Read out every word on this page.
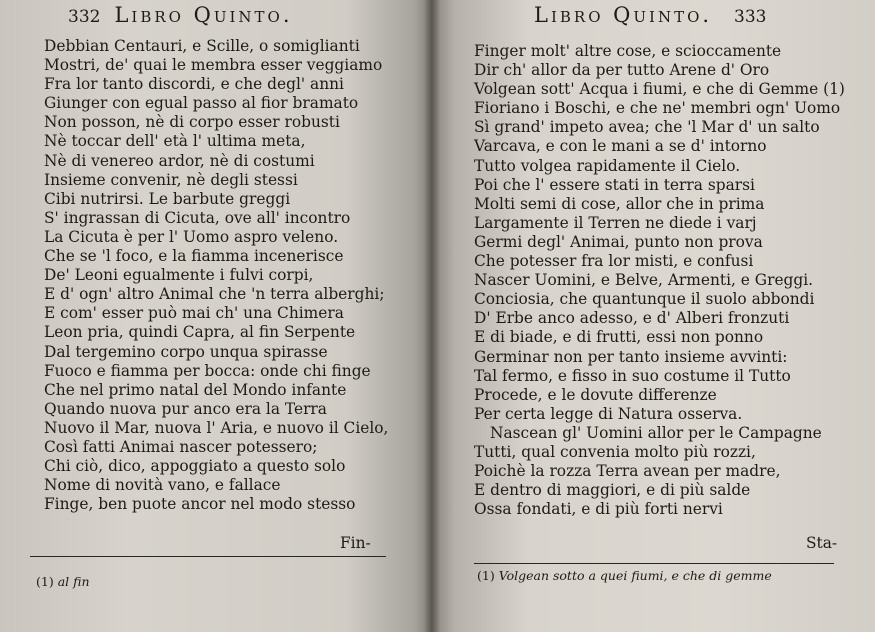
332 Libro Quinto.
Debbian Centauri, e Scille, o somiglianti
Mostri, de' quai le membra esser veggiamo
Fra lor tanto discordi, e che degl' anni
Giunger con egual passo al fior bramato
Non posson, nè di corpo esser robusti
Nè toccar dell' età l' ultima meta,
Nè di venereo ardor, nè di costumi
Insieme convenir, nè degli stessi
Cibi nutrirsi. Le barbute greggi
S' ingrassan di Cicuta, ove all' incontro
La Cicuta è per l' Uomo aspro veleno.
Che se 'l foco, e la fiamma incenerisce
De' Leoni egualmente i fulvi corpi,
E d' ogn' altro Animal che 'n terra alberghi;
E com' esser può mai ch' una Chimera
Leon pria, quindi Capra, al fin Serpente
Dal tergemino corpo unqua spirasse
Fuoco e fiamma per bocca: onde chi finge
Che nel primo natal del Mondo infante
Quando nuova pur anco era la Terra
Nuovo il Mar, nuova l' Aria, e nuovo il Cielo,
Così fatti Animai nascer potessero;
Chi ciò, dico, appoggiato a questo solo
Nome di novità vano, e fallace
Finge, ben puote ancor nel modo stesso
Fin-
(1) al fin
Libro Quinto. 333
Finger molt' altre cose, e scioccamente
Dir ch' allor da per tutto Arene d' Oro
Volgean sott' Acqua i fiumi, e che di Gemme (1)
Fioriano i Boschi, e che ne' membri ogn' Uomo
Sì grand' impeto avea; che 'l Mar d' un salto
Varcava, e con le mani a se d' intorno
Tutto volgea rapidamente il Cielo.
Poi che l' essere stati in terra sparsi
Molti semi di cose, allor che in prima
Largamente il Terren ne diede i varj
Germi degl' Animai, punto non prova
Che potesser fra lor misti, e confusi
Nascer Uomini, e Belve, Armenti, e Greggi.
Conciosia, che quantunque il suolo abbondi
D' Erbe anco adesso, e d' Alberi fronzuti
E di biade, e di frutti, essi non ponno
Germinar non per tanto insieme avvinti:
Tal fermo, e fisso in suo costume il Tutto
Procede, e le dovute differenze
Per certa legge di Natura osserva.
Nascean gl' Uomini allor per le Campagne
Tutti, qual convenia molto più rozzi,
Poichè la rozza Terra avean per madre,
E dentro di maggiori, e di più salde
Ossa fondati, e di più forti nervi
Sta-
(1) Volgean sotto a quei fiumi, e che di gemme
